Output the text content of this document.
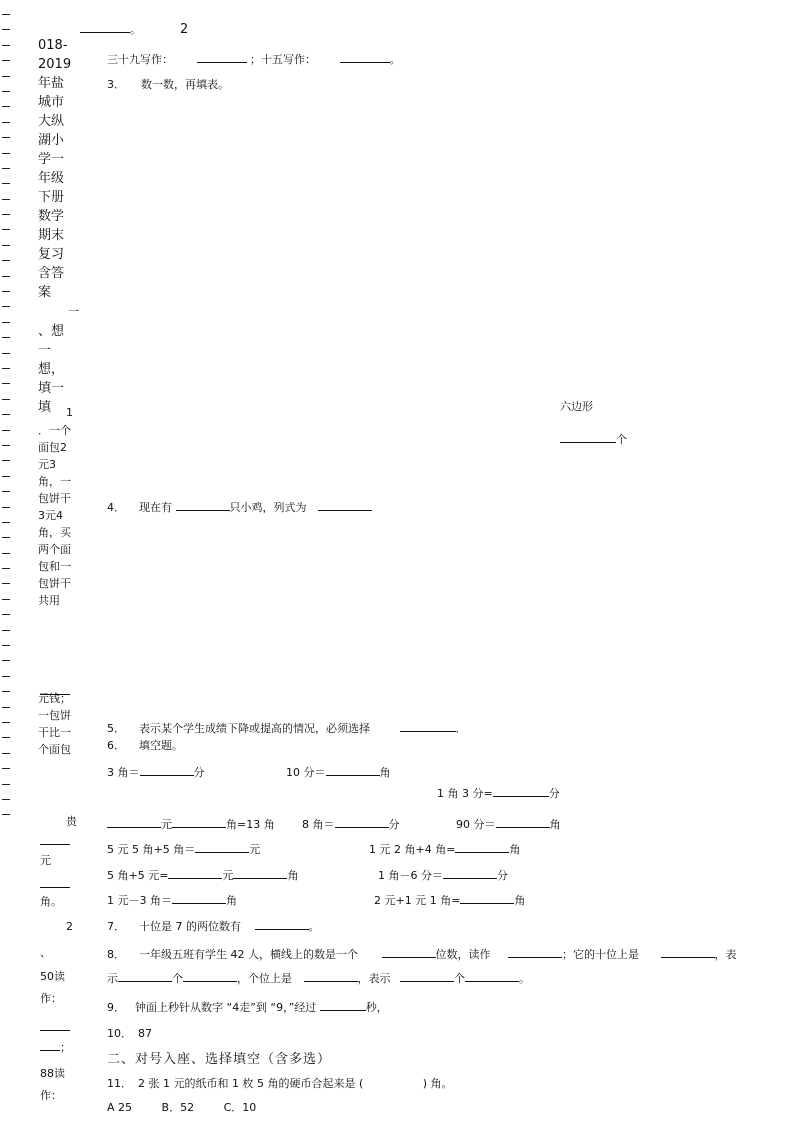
。	2
018-2019年盐城市大纵湖小学一年级下册数学期末复习含答案
一
、想一想，填一填	1
．一个面包2元3角，一包饼干3元4角，买两个面包和一包饼干共用
元钱；一包饼干比一个面包
贵
元
角。
2
、
50读作：
；
88读作：
三十九写作：	；十五写作：	。
3． 数一数，再填表。
六边形
个
4． 现在有	只小鸡，列式为
5． 表示某个学生成绩下降或提高的情况，必须选择	．
6． 填空题。
3 角＝	分	10 分＝	角
1 角 3 分=	分
元	角=13 角 8 角＝	分	90 分＝	角
5 元 5 角+5 角＝	元	1 元 2 角+4 角=	角
5 角+5 元=	元	角	1 角－6 分＝	分
1 元－3 角＝	角	2 元+1 元 1 角=	角
7． 十位是 7 的两位数有	。
8． 一年级五班有学生 42 人，横线上的数是一个	位数，读作	；它的十位上是	，表
示	个	，个位上是	，表示	个	。
9． 钟面上秒针从数字 “4走”到 “9，”经过	秒，
10． 87
二、对号入座、选择填空（含多选）
11． 2 张 1 元的纸币和 1 枚 5 角的硬币合起来是 (	) 角。
A 25	B．52	C．10
